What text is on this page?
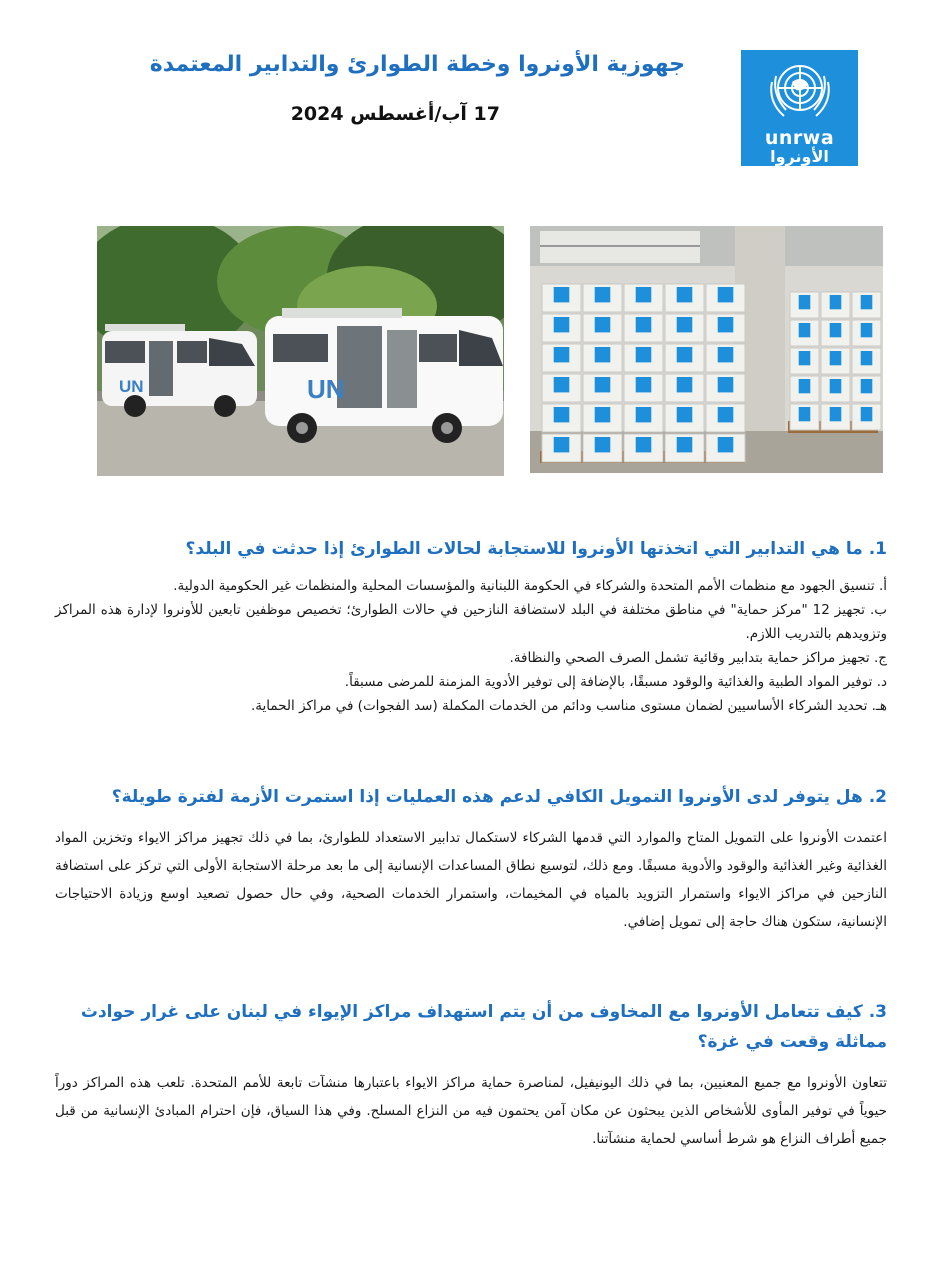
جهوزية الأونروا وخطة الطوارئ والتدابير المعتمدة
17 آب/أغسطس 2024
unrwa
الأونروا
UN	UN

1. ما هي التدابير التي اتخذتها الأونروا للاستجابة لحالات الطوارئ إذا حدثت في البلد؟

أ. تنسيق الجهود مع منظمات الأمم المتحدة والشركاء في الحكومة اللبنانية والمؤسسات المحلية والمنظمات غير الحكومية الدولية.

ب. تجهيز 12 "مركز حماية" في مناطق مختلفة في البلد لاستضافة النازحين في حالات الطوارئ؛ تخصيص موظفين تابعين للأونروا لإدارة هذه المراكز وتزويدهم بالتدريب اللازم.

ج. تجهيز مراكز حماية بتدابير وقائية تشمل الصرف الصحي والنظافة.

د. توفير المواد الطبية والغذائية والوقود مسبقًا، بالإضافة إلى توفير الأدوية المزمنة للمرضى مسبقاً.

هـ. تحديد الشركاء الأساسيين لضمان مستوى مناسب ودائم من الخدمات المكملة (سد الفجوات) في مراكز الحماية.

2. هل يتوفر لدى الأونروا التمويل الكافي لدعم هذه العمليات إذا استمرت الأزمة لفترة طويلة؟

اعتمدت الأونروا على التمويل المتاح والموارد التي قدمها الشركاء لاستكمال تدابير الاستعداد للطوارئ، بما في ذلك تجهيز مراكز الايواء وتخزين المواد الغذائية وغير الغذائية والوقود والأدوية مسبقًا. ومع ذلك، لتوسيع نطاق المساعدات الإنسانية إلى ما بعد مرحلة الاستجابة الأولى التي تركز على استضافة النازحين في مراكز الايواء واستمرار التزويد بالمياه في المخيمات، واستمرار الخدمات الصحية، وفي حال حصول تصعيد اوسع وزيادة الاحتياجات الإنسانية، ستكون هناك حاجة إلى تمويل إضافي.

3. كيف تتعامل الأونروا مع المخاوف من أن يتم استهداف مراكز الإيواء في لبنان على غرار حوادث مماثلة وقعت في غزة؟

تتعاون الأونروا مع جميع المعنيين، بما في ذلك اليونيفيل، لمناصرة حماية مراكز الايواء باعتبارها منشآت تابعة للأمم المتحدة. تلعب هذه المراكز دوراً حيوياً في توفير المأوى للأشخاص الذين يبحثون عن مكان آمن يحتمون فيه من النزاع المسلح. وفي هذا السياق، فإن احترام المبادئ الإنسانية من قبل جميع أطراف النزاع هو شرط أساسي لحماية منشآتنا.
